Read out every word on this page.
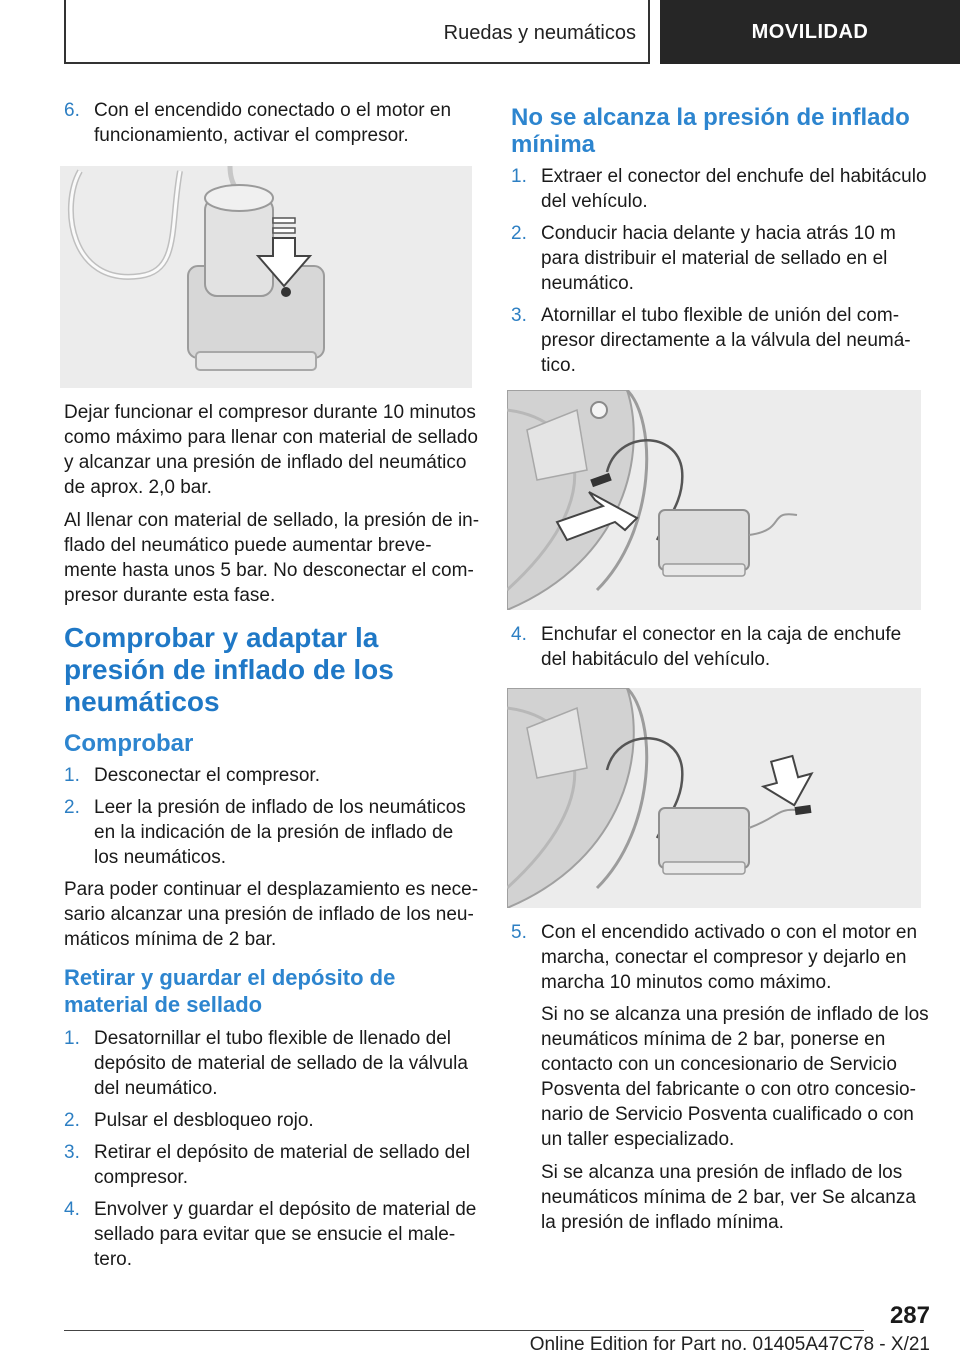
Ruedas y neumáticos	MOVILIDAD
6. Con el encendido conectado o el motor en funcionamiento, activar el compresor.

Dejar funcionar el compresor durante 10 minutos como máximo para llenar con material de sellado y alcanzar una presión de inflado del neumático de aprox. 2,0 bar.

Al llenar con material de sellado, la presión de in-flado del neumático puede aumentar breve-mente hasta unos 5 bar. No desconectar el com-presor durante esta fase.

Comprobar y adaptar la presión de inflado de los neumáticos
Comprobar
1. Desconectar el compresor.
2. Leer la presión de inflado de los neumáticos en la indicación de la presión de inflado de los neumáticos.

Para poder continuar el desplazamiento es nece-sario alcanzar una presión de inflado de los neu-máticos mínima de 2 bar.

Retirar y guardar el depósito de material de sellado
1. Desatornillar el tubo flexible de llenado del depósito de material de sellado de la válvula del neumático.
2. Pulsar el desbloqueo rojo.
3. Retirar el depósito de material de sellado del compresor.
4. Envolver y guardar el depósito de material de sellado para evitar que se ensucie el male-tero.
No se alcanza la presión de inflado mínima
1. Extraer el conector del enchufe del habitáculo del vehículo.
2. Conducir hacia delante y hacia atrás 10 m para distribuir el material de sellado en el neumático.
3. Atornillar el tubo flexible de unión del com-presor directamente a la válvula del neumá-tico.
4. Enchufar el conector en la caja de enchufe del habitáculo del vehículo.
5. Con el encendido activado o con el motor en marcha, conectar el compresor y dejarlo en marcha 10 minutos como máximo.

Si no se alcanza una presión de inflado de los neumáticos mínima de 2 bar, ponerse en contacto con un concesionario de Servicio Posventa del fabricante o con otro concesio-nario de Servicio Posventa cualificado o con un taller especializado.

Si se alcanza una presión de inflado de los neumáticos mínima de 2 bar, ver Se alcanza la presión de inflado mínima.

287
Online Edition for Part no. 01405A47C78 - X/21
